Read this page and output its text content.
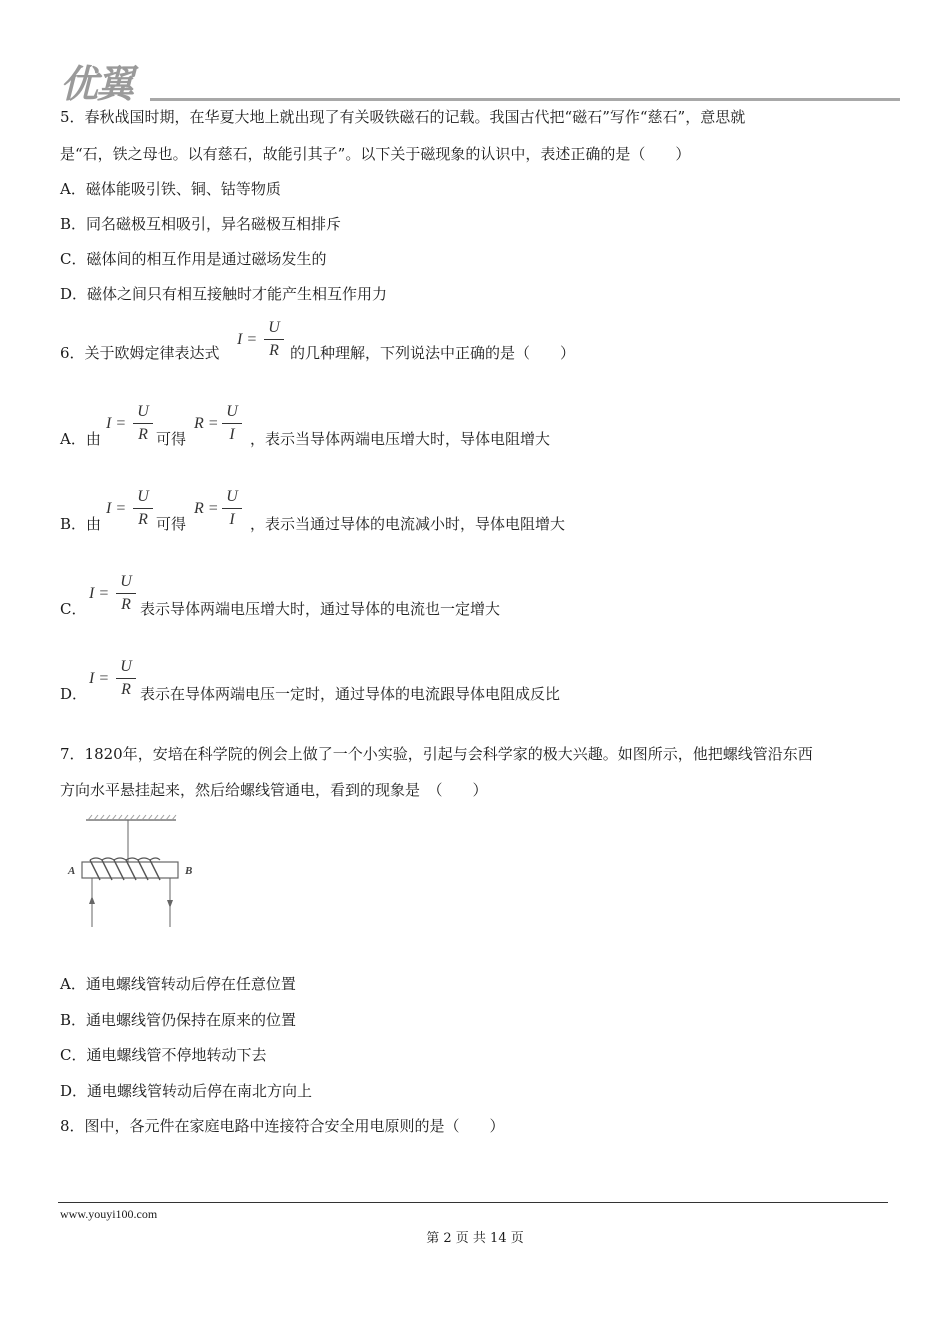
优翼
5．春秋战国时期，在华夏大地上就出现了有关吸铁磁石的记载。我国古代把“磁石”写作“慈石”，意思就
是“石，铁之母也。以有慈石，故能引其子”。以下关于磁现象的认识中，表述正确的是（　　）
A．磁体能吸引铁、铜、钴等物质
B．同名磁极互相吸引，异名磁极互相排斥
C．磁体间的相互作用是通过磁场发生的
D．磁体之间只有相互接触时才能产生相互作用力
6．关于欧姆定律表达式
I =
U
R 的几种理解，下列说法中正确的是（　　）
A．由
I =
U
R 可得
R =
U
I	，表示当导体两端电压增大时，导体电阻增大
B．由
I =
U
R 可得
R =
U
I	，表示当通过导体的电流减小时，导体电阻增大
C．
I =
U
R 表示导体两端电压增大时，通过导体的电流也一定增大
D．
I =
U
R 表示在导体两端电压一定时，通过导体的电流跟导体电阻成反比
7．1820年，安培在科学院的例会上做了一个小实验，引起与会科学家的极大兴趣。如图所示，他把螺线管沿东西
方向水平悬挂起来，然后给螺线管通电，看到的现象是　（　　）
A	B
A．通电螺线管转动后停在任意位置
B．通电螺线管仍保持在原来的位置
C．通电螺线管不停地转动下去
D．通电螺线管转动后停在南北方向上
8．图中，各元件在家庭电路中连接符合安全用电原则的是（　　）
www.youyi100.com
第 2 页 共 14 页
